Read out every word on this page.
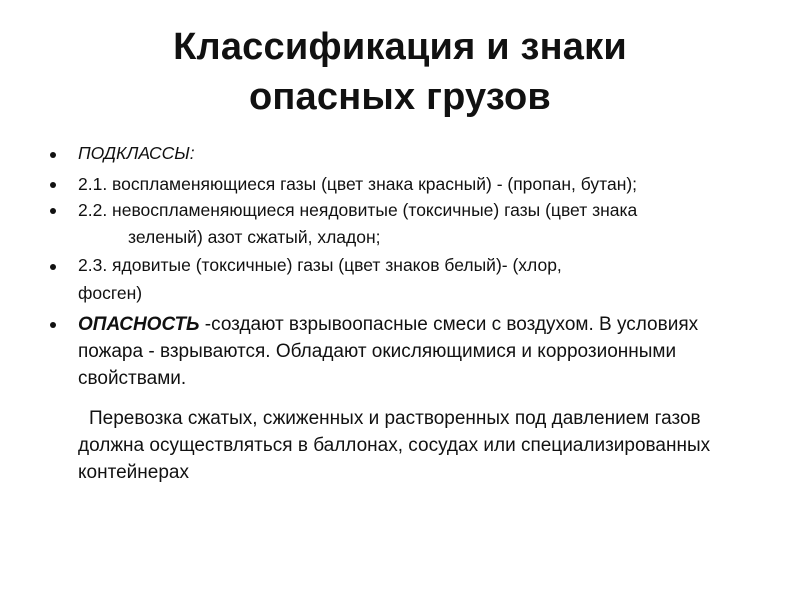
Классификация и знаки
опасных грузов
ПОДКЛАССЫ:
2.1. воспламеняющиеся газы (цвет знака красный) - (пропан, бутан);
2.2. невоспламеняющиеся неядовитые (токсичные) газы (цвет знака
зеленый) азот сжатый, хладон;
2.3. ядовитые (токсичные) газы (цвет знаков белый)- (хлор,
фосген)
ОПАСНОСТЬ -создают взрывоопасные смеси с воздухом. В условиях пожара - взрываются. Обладают окисляющимися и коррозионными свойствами.
Перевозка сжатых, сжиженных и растворенных под давлением газов должна осуществляться в баллонах, сосудах или специализированных контейнерах
